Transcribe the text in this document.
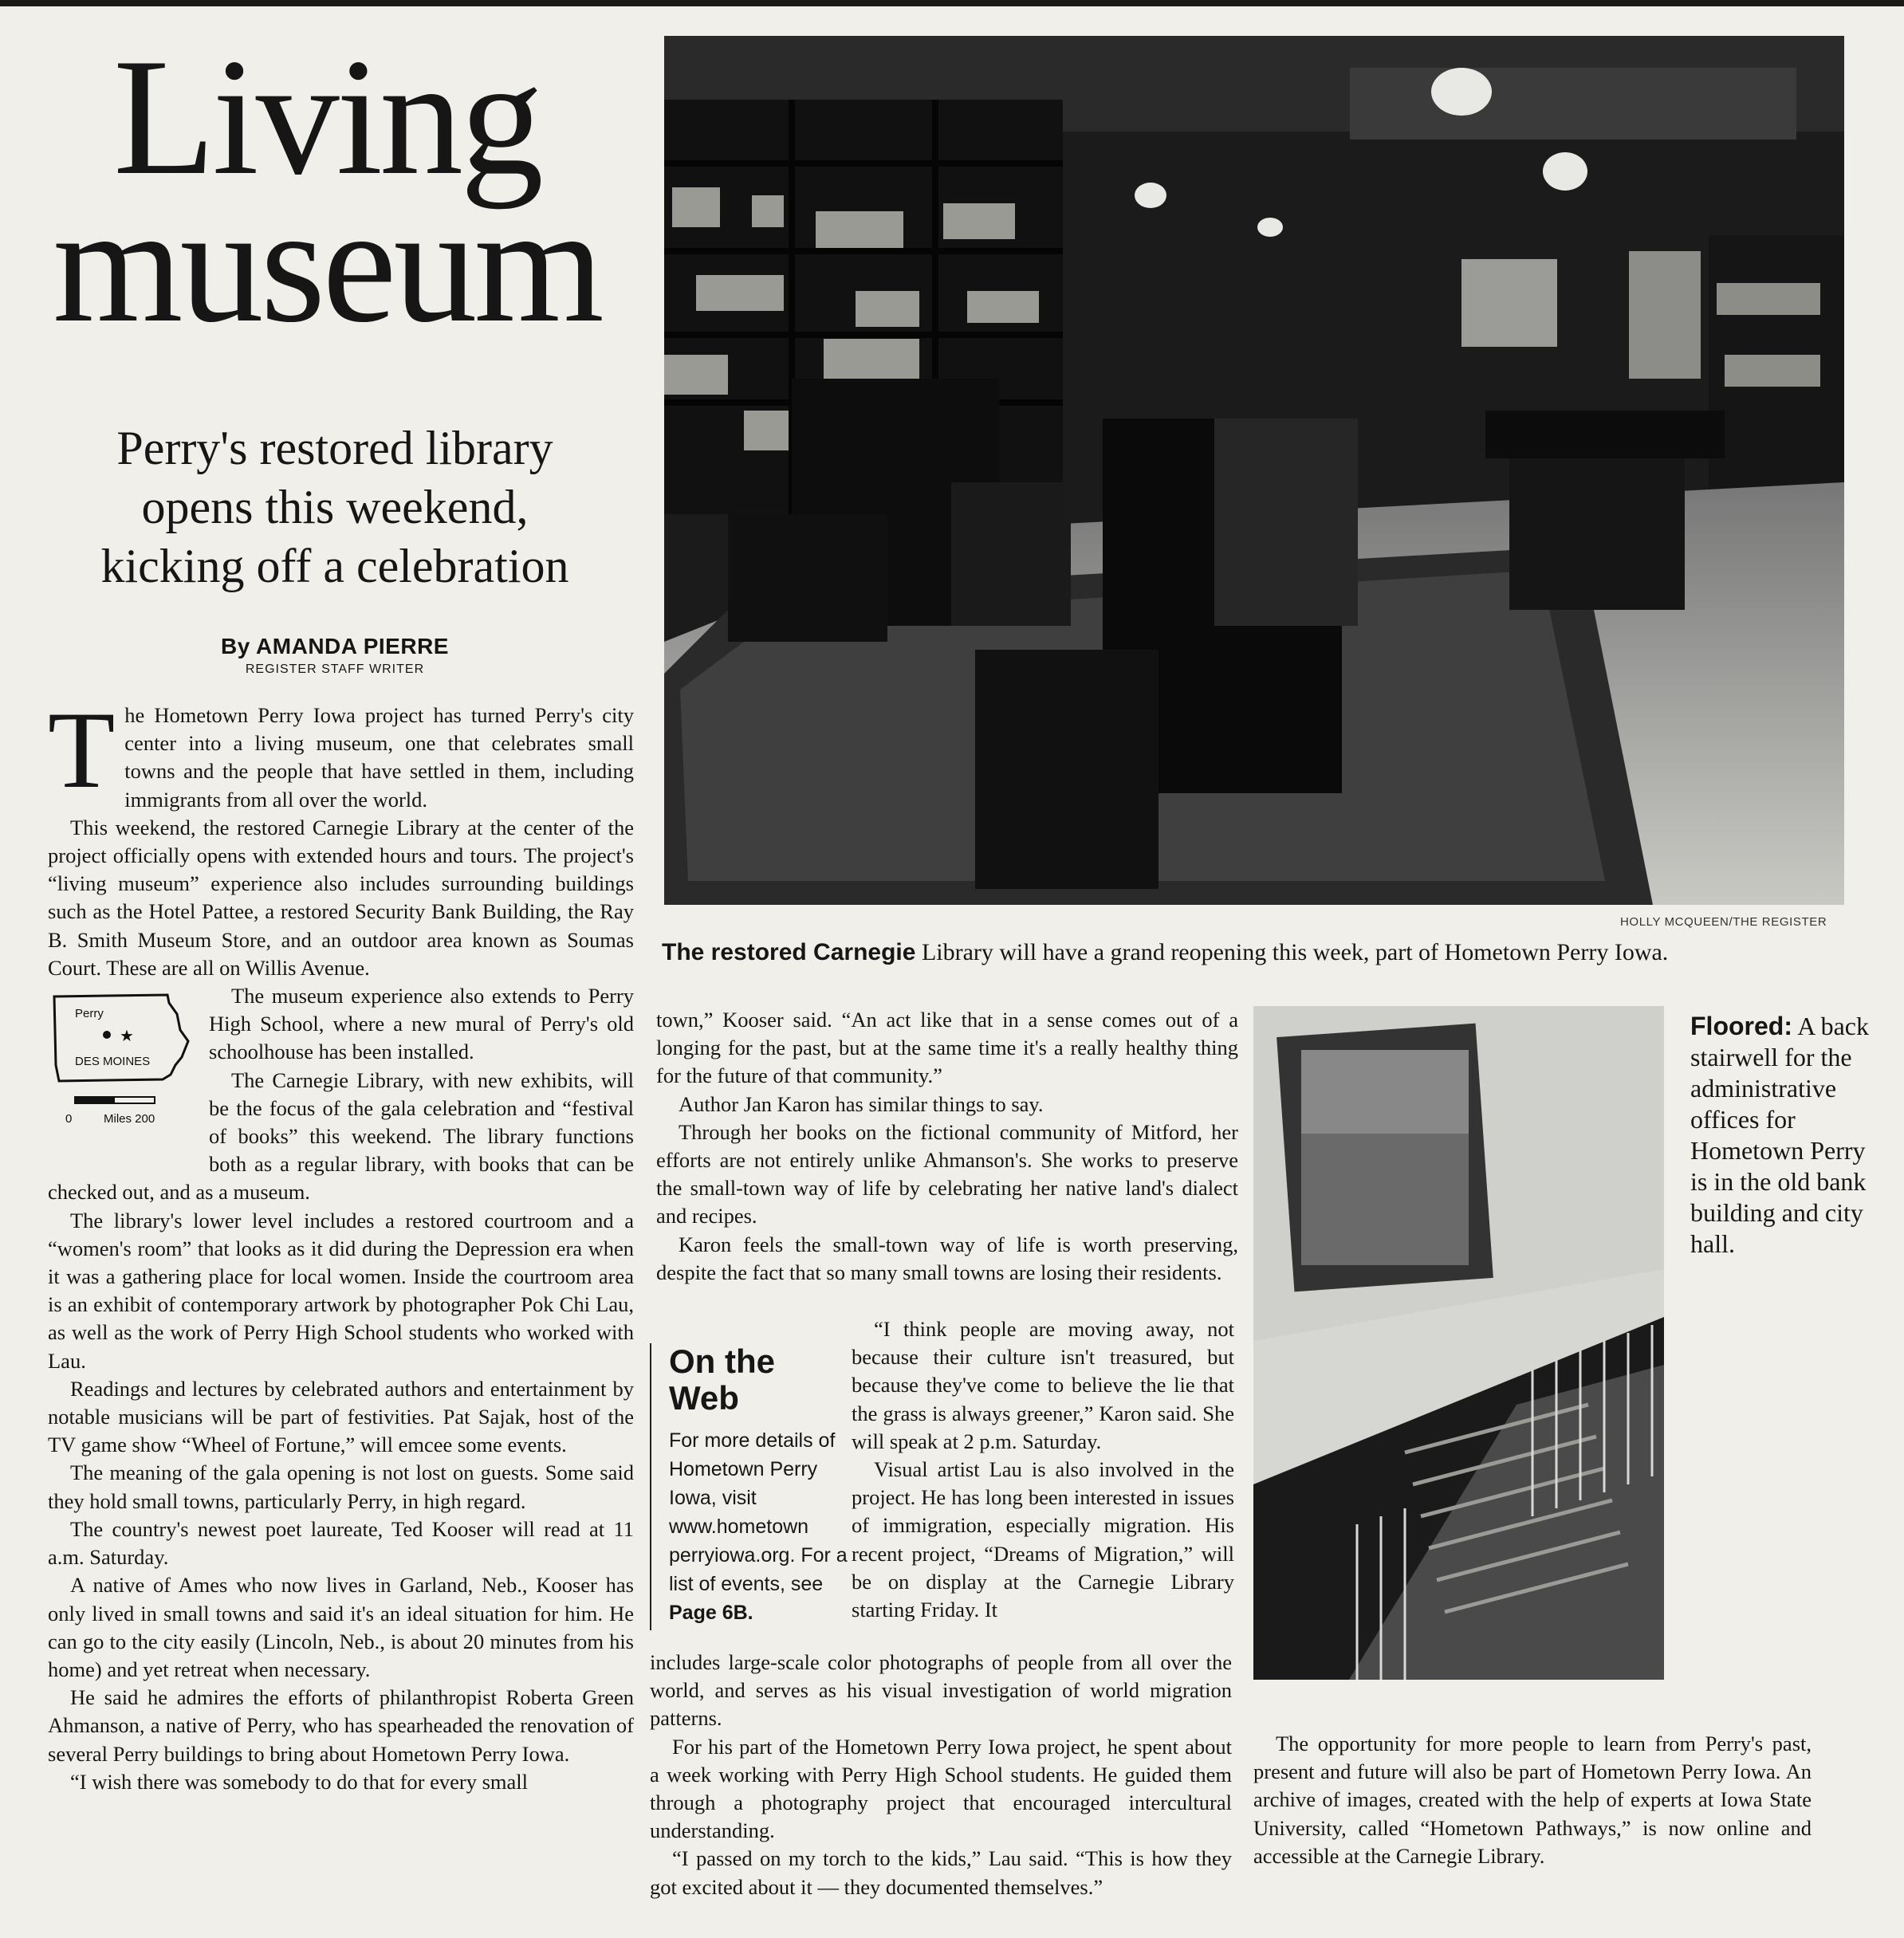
Living
museum
Perry's restored library
opens this weekend,
kicking off a celebration
By AMANDA PIERRE
REGISTER STAFF WRITER

The Hometown Perry Iowa project has turned Perry's city center into a living museum, one that celebrates small towns and the people that have settled in them, including immigrants from all over the world.

This weekend, the restored Carnegie Library at the center of the project officially opens with extended hours and tours. The project's “living museum” experience also includes surrounding buildings such as the Hotel Pattee, a restored Security Bank Building, the Ray B. Smith Museum Store, and an outdoor area known as Soumas Court. These are all on Willis Avenue.

★
Perry
DES MOINES
0	Miles 200

The museum experience also extends to Perry High School, where a new mural of Perry's old schoolhouse has been installed.

The Carnegie Library, with new exhibits, will be the focus of the gala celebration and “festival of books” this weekend. The library functions both as a regular library, with books that can be checked out, and as a museum.

The library's lower level includes a restored courtroom and a “women's room” that looks as it did during the Depression era when it was a gathering place for local women. Inside the courtroom area is an exhibit of contemporary artwork by photographer Pok Chi Lau, as well as the work of Perry High School students who worked with Lau.

Readings and lectures by celebrated authors and entertainment by notable musicians will be part of festivities. Pat Sajak, host of the TV game show “Wheel of Fortune,” will emcee some events.

The meaning of the gala opening is not lost on guests. Some said they hold small towns, particularly Perry, in high regard.

The country's newest poet laureate, Ted Kooser will read at 11 a.m. Saturday.

A native of Ames who now lives in Garland, Neb., Kooser has only lived in small towns and said it's an ideal situation for him. He can go to the city easily (Lincoln, Neb., is about 20 minutes from his home) and yet retreat when necessary.

He said he admires the efforts of philanthropist Roberta Green Ahmanson, a native of Perry, who has spearheaded the renovation of several Perry buildings to bring about Hometown Perry Iowa.

“I wish there was somebody to do that for every small

HOLLY MCQUEEN/THE REGISTER
The restored Carnegie Library will have a grand reopening this week, part of Hometown Perry Iowa.

town,” Kooser said. “An act like that in a sense comes out of a longing for the past, but at the same time it's a really healthy thing for the future of that community.”

Author Jan Karon has similar things to say.

Through her books on the fictional community of Mitford, her efforts are not entirely unlike Ahmanson's. She works to preserve the small-town way of life by celebrating her native land's dialect and recipes.

Karon feels the small-town way of life is worth preserving, despite the fact that so many small towns are losing their residents.

On the
Web
For more details of Hometown Perry Iowa, visit www.hometown perryiowa.org. For a list of events, see Page 6B.

“I think people are moving away, not because their culture isn't treasured, but because they've come to believe the lie that the grass is always greener,” Karon said. She will speak at 2 p.m. Saturday.

Visual artist Lau is also involved in the project. He has long been interested in issues of immigration, especially migration. His recent project, “Dreams of Migration,” will be on display at the Carnegie Library starting Friday. It

includes large-scale color photographs of people from all over the world, and serves as his visual investigation of world migration patterns.

For his part of the Hometown Perry Iowa project, he spent about a week working with Perry High School students. He guided them through a photography project that encouraged intercultural understanding.

“I passed on my torch to the kids,” Lau said. “This is how they got excited about it — they documented themselves.”

Floored: A back stairwell for the administrative offices for Hometown Perry is in the old bank building and city hall.

The opportunity for more people to learn from Perry's past, present and future will also be part of Hometown Perry Iowa. An archive of images, created with the help of experts at Iowa State University, called “Hometown Pathways,” is now online and accessible at the Carnegie Library.
